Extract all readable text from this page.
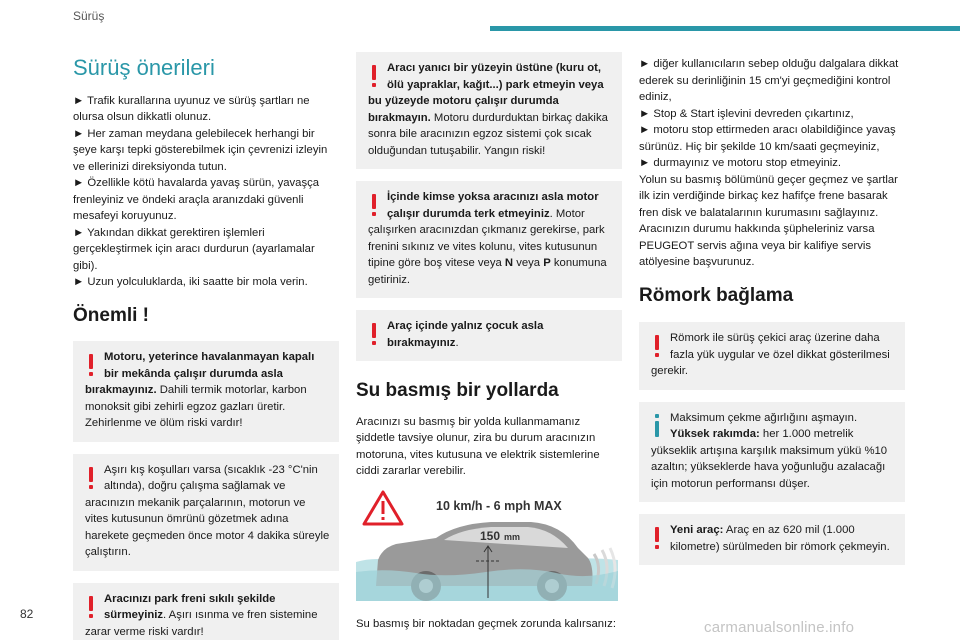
Sürüş
Sürüş önerileri
► Trafik kurallarına uyunuz ve sürüş şartları ne olursa olsun dikkatli olunuz.
► Her zaman meydana gelebilecek herhangi bir şeye karşı tepki gösterebilmek için çevrenizi izleyin ve ellerinizi direksiyonda tutun.
► Özellikle kötü havalarda yavaş sürün, yavaşça frenleyiniz ve öndeki araçla aranızdaki güvenli mesafeyi koruyunuz.
► Yakından dikkat gerektiren işlemleri gerçekleştirmek için aracı durdurun (ayarlamalar gibi).
► Uzun yolculuklarda, iki saatte bir mola verin.
Önemli !
Motoru, yeterince havalanmayan kapalı bir mekânda çalışır durumda asla bırakmayınız. Dahili termik motorlar, karbon monoksit gibi zehirli egzoz gazları üretir. Zehirlenme ve ölüm riski vardır!
Aşırı kış koşulları varsa (sıcaklık -23 °C'nin altında), doğru çalışma sağlamak ve aracınızın mekanik parçalarının, motorun ve vites kutusunun ömrünü gözetmek adına harekete geçmeden önce motor 4 dakika süreyle çalıştırın.
Aracınızı park freni sıkılı şekilde sürmeyiniz. Aşırı ısınma ve fren sistemine zarar verme riski vardır!
Aracı yanıcı bir yüzeyin üstüne (kuru ot, ölü yapraklar, kağıt...) park etmeyin veya bu yüzeyde motoru çalışır durumda bırakmayın. Motoru durdurduktan birkaç dakika sonra bile aracınızın egzoz sistemi çok sıcak olduğundan tutuşabilir. Yangın riski!
İçinde kimse yoksa aracınızı asla motor çalışır durumda terk etmeyiniz. Motor çalışırken aracınızdan çıkmanız gerekirse, park frenini sıkınız ve vites kolunu, vites kutusunun tipine göre boş vitese veya N veya P konumuna getiriniz.
Araç içinde yalnız çocuk asla bırakmayınız.
Su basmış bir yollarda
Aracınızı su basmış bir yolda kullanmamanız şiddetle tavsiye olunur, zira bu durum aracınızın motoruna, vites kutusuna ve elektrik sistemlerine ciddi zararlar verebilir.
10 km/h - 6 mph MAX
150 mm
Su basmış bir noktadan geçmek zorunda kalırsanız:
► diğer kullanıcıların sebep olduğu dalgalara dikkat ederek su derinliğinin 15 cm'yi geçmediğini kontrol ediniz,
► Stop & Start işlevini devreden çıkartınız,
► motoru stop ettirmeden aracı olabildiğince yavaş sürünüz. Hiç bir şekilde 10 km/saati geçmeyiniz,
► durmayınız ve motoru stop etmeyiniz.
Yolun su basmış bölümünü geçer geçmez ve şartlar ilk izin verdiğinde birkaç kez hafifçe frene basarak fren disk ve balatalarının kurumasını sağlayınız.
Aracınızın durumu hakkında şüpheleriniz varsa PEUGEOT servis ağına veya bir kalifiye servis atölyesine başvurunuz.
Römork bağlama
Römork ile sürüş çekici araç üzerine daha fazla yük uygular ve özel dikkat gösterilmesi gerekir.
Maksimum çekme ağırlığını aşmayın.
Yüksek rakımda: her 1.000 metrelik yükseklik artışına karşılık maksimum yükü %10 azaltın; yükseklerde hava yoğunluğu azalacağı için motorun performansı düşer.
Yeni araç: Araç en az 620 mil (1.000 kilometre) sürülmeden bir römork çekmeyin.
82
carmanualsonline.info
